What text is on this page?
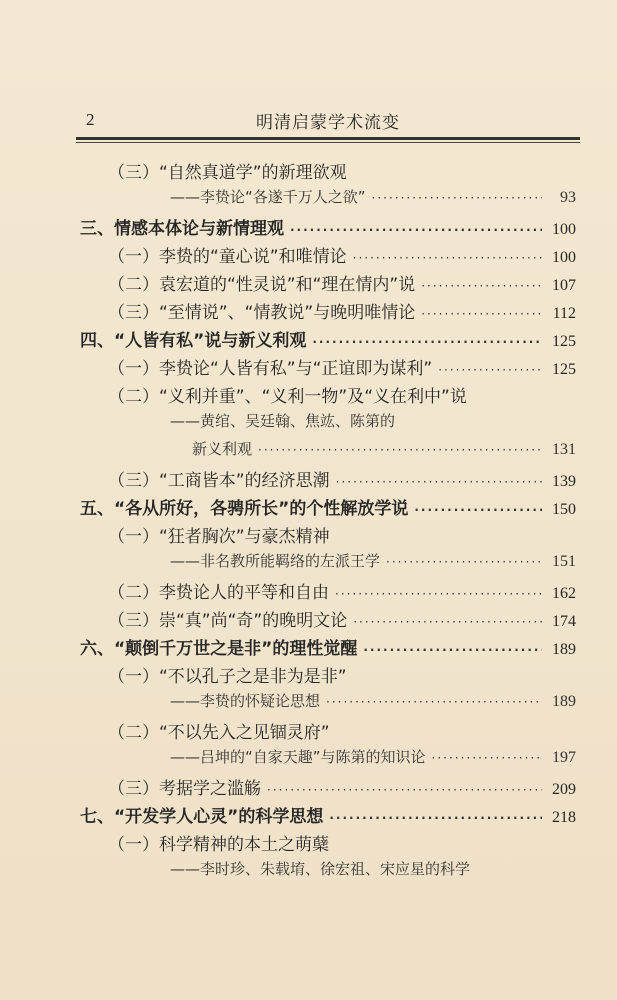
2	明清启蒙学术流变
（三）“自然真道学”的新理欲观
——李贽论“各遂千万人之欲” ·····	93
三、情感本体论与新情理观 ·····	100
（一）李贽的“童心说”和唯情论 ·····	100
（二）袁宏道的“性灵说”和“理在情内”说 ·····	107
（三）“至情说”、“情教说”与晚明唯情论 ·····	112
四、“人皆有私”说与新义利观 ·····	125
（一）李贽论“人皆有私”与“正谊即为谋利” ·····	125
（二）“义利并重”、“义利一物”及“义在利中”说
——黄绾、吴廷翰、焦竑、陈第的
新义利观 ·····	131
（三）“工商皆本”的经济思潮 ·····	139
五、“各从所好，各骋所长”的个性解放学说 ·····	150
（一）“狂者胸次”与豪杰精神
——非名教所能羁络的左派王学 ·····	151
（二）李贽论人的平等和自由 ·····	162
（三）崇“真”尚“奇”的晚明文论 ·····	174
六、“颠倒千万世之是非”的理性觉醒 ·····	189
（一）“不以孔子之是非为是非”
——李贽的怀疑论思想 ·····	189
（二）“不以先入之见锢灵府”
——吕坤的“自家天趣”与陈第的知识论 ·····	197
（三）考据学之滥觞 ·····	209
七、“开发学人心灵”的科学思想 ·····	218
（一）科学精神的本土之萌蘖
——李时珍、朱载堉、徐宏祖、宋应星的科学
